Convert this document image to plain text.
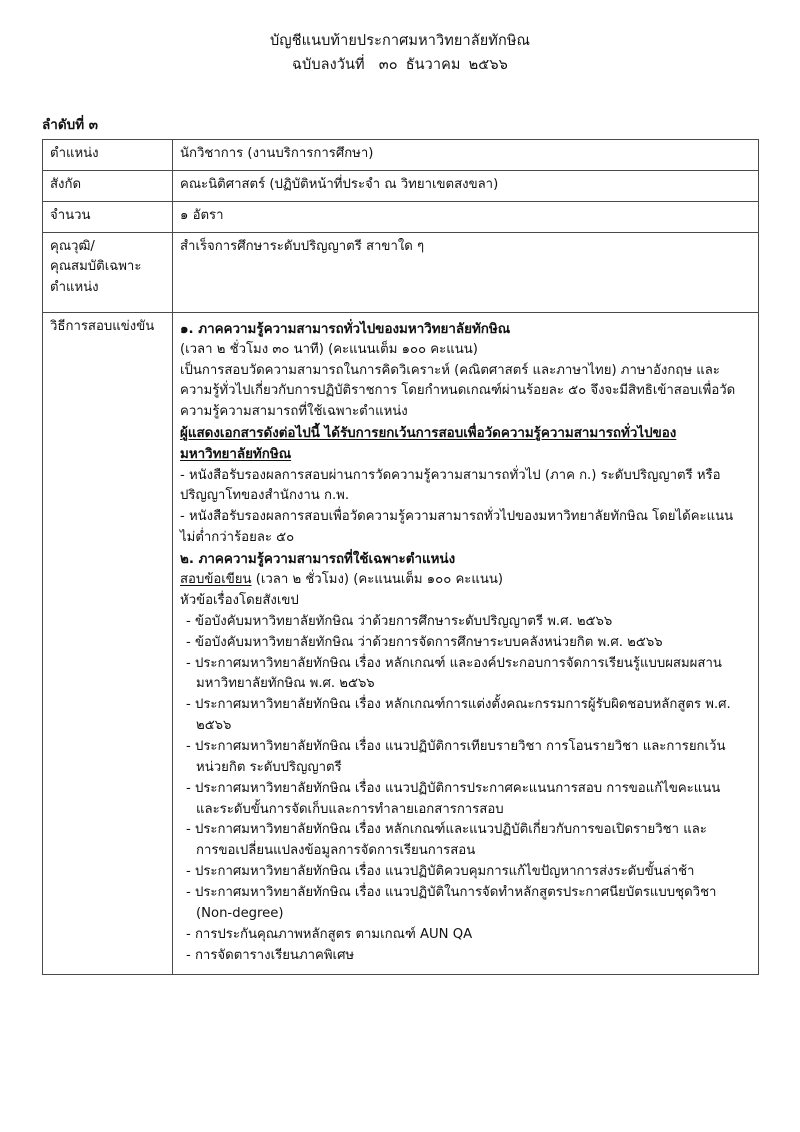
บัญชีแนบท้ายประกาศมหาวิทยาลัยทักษิณ
ฉบับลงวันที่ ๓๐ ธันวาคม ๒๕๖๖
ลำดับที่ ๓
ตำแหน่ง	นักวิชาการ (งานบริการการศึกษา)
สังกัด	คณะนิติศาสตร์ (ปฏิบัติหน้าที่ประจำ ณ วิทยาเขตสงขลา)
จำนวน	๑ อัตรา

คุณวุฒิ/
คุณสมบัติเฉพาะ
ตำแหน่ง	สำเร็จการศึกษาระดับปริญญาตรี สาขาใด ๆ
วิธีการสอบแข่งขัน	๑. ภาคความรู้ความสามารถทั่วไปของมหาวิทยาลัยทักษิณ
(เวลา ๒ ชั่วโมง ๓๐ นาที) (คะแนนเต็ม ๑๐๐ คะแนน)
เป็นการสอบวัดความสามารถในการคิดวิเคราะห์ (คณิตศาสตร์ และภาษาไทย) ภาษาอังกฤษ และ
ความรู้ทั่วไปเกี่ยวกับการปฏิบัติราชการ โดยกำหนดเกณฑ์ผ่านร้อยละ ๕๐ จึงจะมีสิทธิเข้าสอบเพื่อวัด
ความรู้ความสามารถที่ใช้เฉพาะตำแหน่ง
ผู้แสดงเอกสารดังต่อไปนี้ ได้รับการยกเว้นการสอบเพื่อวัดความรู้ความสามารถทั่วไปของ
มหาวิทยาลัยทักษิณ
- หนังสือรับรองผลการสอบผ่านการวัดความรู้ความสามารถทั่วไป (ภาค ก.) ระดับปริญญาตรี หรือ
ปริญญาโทของสำนักงาน ก.พ.
- หนังสือรับรองผลการสอบเพื่อวัดความรู้ความสามารถทั่วไปของมหาวิทยาลัยทักษิณ โดยได้คะแนน
ไม่ต่ำกว่าร้อยละ ๕๐
๒. ภาคความรู้ความสามารถที่ใช้เฉพาะตำแหน่ง
สอบข้อเขียน (เวลา ๒ ชั่วโมง) (คะแนนเต็ม ๑๐๐ คะแนน)
หัวข้อเรื่องโดยสังเขป
- ข้อบังคับมหาวิทยาลัยทักษิณ ว่าด้วยการศึกษาระดับปริญญาตรี พ.ศ. ๒๕๖๖
- ข้อบังคับมหาวิทยาลัยทักษิณ ว่าด้วยการจัดการศึกษาระบบคลังหน่วยกิต พ.ศ. ๒๕๖๖
- ประกาศมหาวิทยาลัยทักษิณ เรื่อง หลักเกณฑ์ และองค์ประกอบการจัดการเรียนรู้แบบผสมผสาน
มหาวิทยาลัยทักษิณ พ.ศ. ๒๕๖๖
- ประกาศมหาวิทยาลัยทักษิณ เรื่อง หลักเกณฑ์การแต่งตั้งคณะกรรมการผู้รับผิดชอบหลักสูตร พ.ศ.
๒๕๖๖
- ประกาศมหาวิทยาลัยทักษิณ เรื่อง แนวปฏิบัติการเทียบรายวิชา การโอนรายวิชา และการยกเว้น
หน่วยกิต ระดับปริญญาตรี
- ประกาศมหาวิทยาลัยทักษิณ เรื่อง แนวปฏิบัติการประกาศคะแนนการสอบ การขอแก้ไขคะแนน
และระดับขั้นการจัดเก็บและการทำลายเอกสารการสอบ
- ประกาศมหาวิทยาลัยทักษิณ เรื่อง หลักเกณฑ์และแนวปฏิบัติเกี่ยวกับการขอเปิดรายวิชา และ
การขอเปลี่ยนแปลงข้อมูลการจัดการเรียนการสอน
- ประกาศมหาวิทยาลัยทักษิณ เรื่อง แนวปฏิบัติควบคุมการแก้ไขปัญหาการส่งระดับขั้นล่าช้า
- ประกาศมหาวิทยาลัยทักษิณ เรื่อง แนวปฏิบัติในการจัดทำหลักสูตรประกาศนียบัตรแบบชุดวิชา
(Non-degree)
- การประกันคุณภาพหลักสูตร ตามเกณฑ์ AUN QA
- การจัดตารางเรียนภาคพิเศษ
